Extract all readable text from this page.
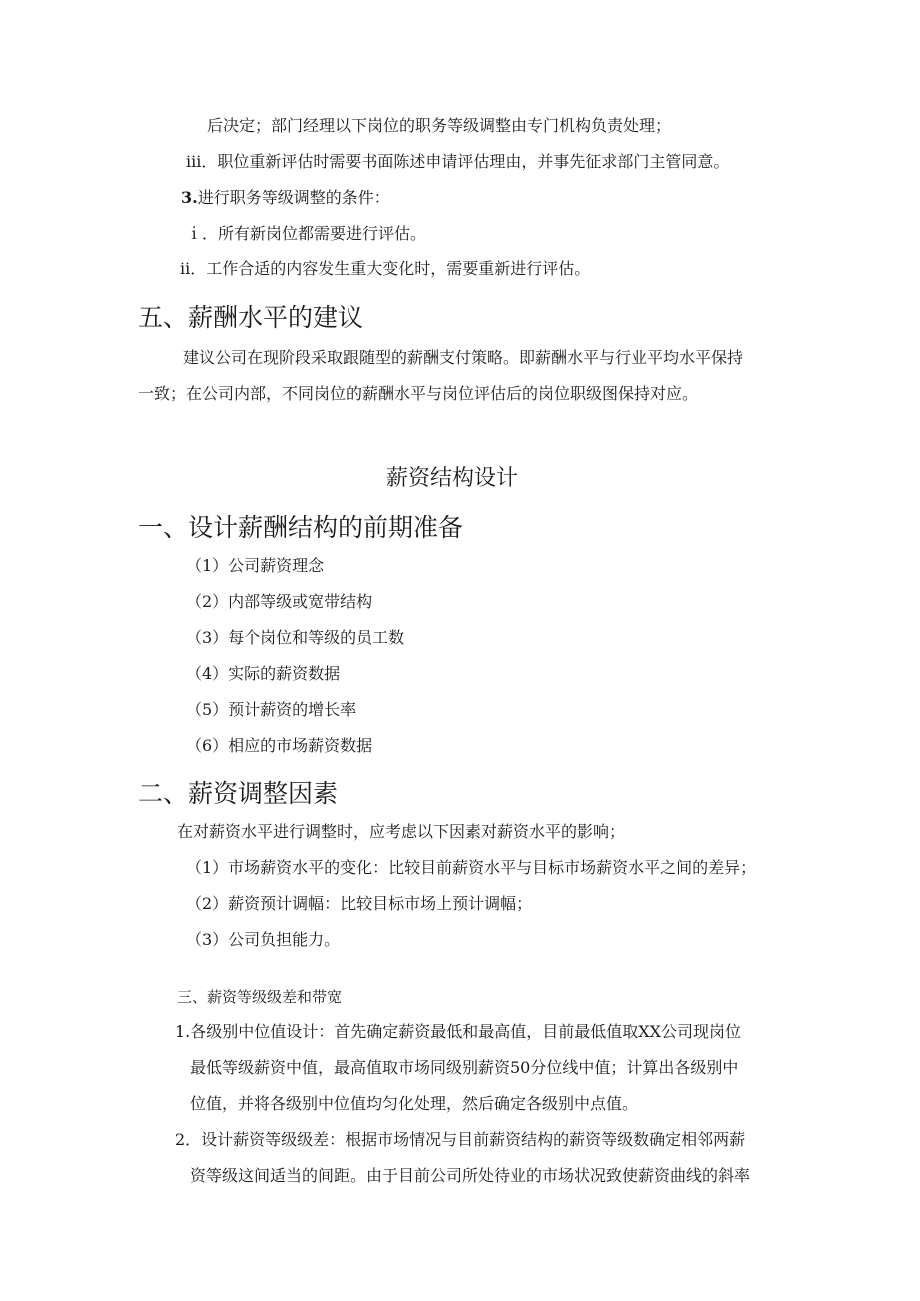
后决定；部门经理以下岗位的职务等级调整由专门机构负责处理；
iii．职位重新评估时需要书面陈述申请评估理由，并事先征求部门主管同意。
3.进行职务等级调整的条件：
ｉ．所有新岗位都需要进行评估。
ii．工作合适的内容发生重大变化时，需要重新进行评估。
五、薪酬水平的建议
建议公司在现阶段采取跟随型的薪酬支付策略。即薪酬水平与行业平均水平保持
一致；在公司内部，不同岗位的薪酬水平与岗位评估后的岗位职级图保持对应。
薪资结构设计
一、设计薪酬结构的前期准备
（1）公司薪资理念
（2）内部等级或宽带结构
（3）每个岗位和等级的员工数
（4）实际的薪资数据
（5）预计薪资的增长率
（6）相应的市场薪资数据
二、薪资调整因素
在对薪资水平进行调整时，应考虑以下因素对薪资水平的影响；
（1）市场薪资水平的变化：比较目前薪资水平与目标市场薪资水平之间的差异；
（2）薪资预计调幅：比较目标市场上预计调幅；
（3）公司负担能力。
三、薪资等级级差和带宽
1.各级别中位值设计：首先确定薪资最低和最高值，目前最低值取XX公司现岗位
最低等级薪资中值，最高值取市场同级别薪资50分位线中值；计算出各级别中
位值，并将各级别中位值均匀化处理，然后确定各级别中点值。
2．设计薪资等级级差：根据市场情况与目前薪资结构的薪资等级数确定相邻两薪
资等级这间适当的间距。由于目前公司所处待业的市场状况致使薪资曲线的斜率
